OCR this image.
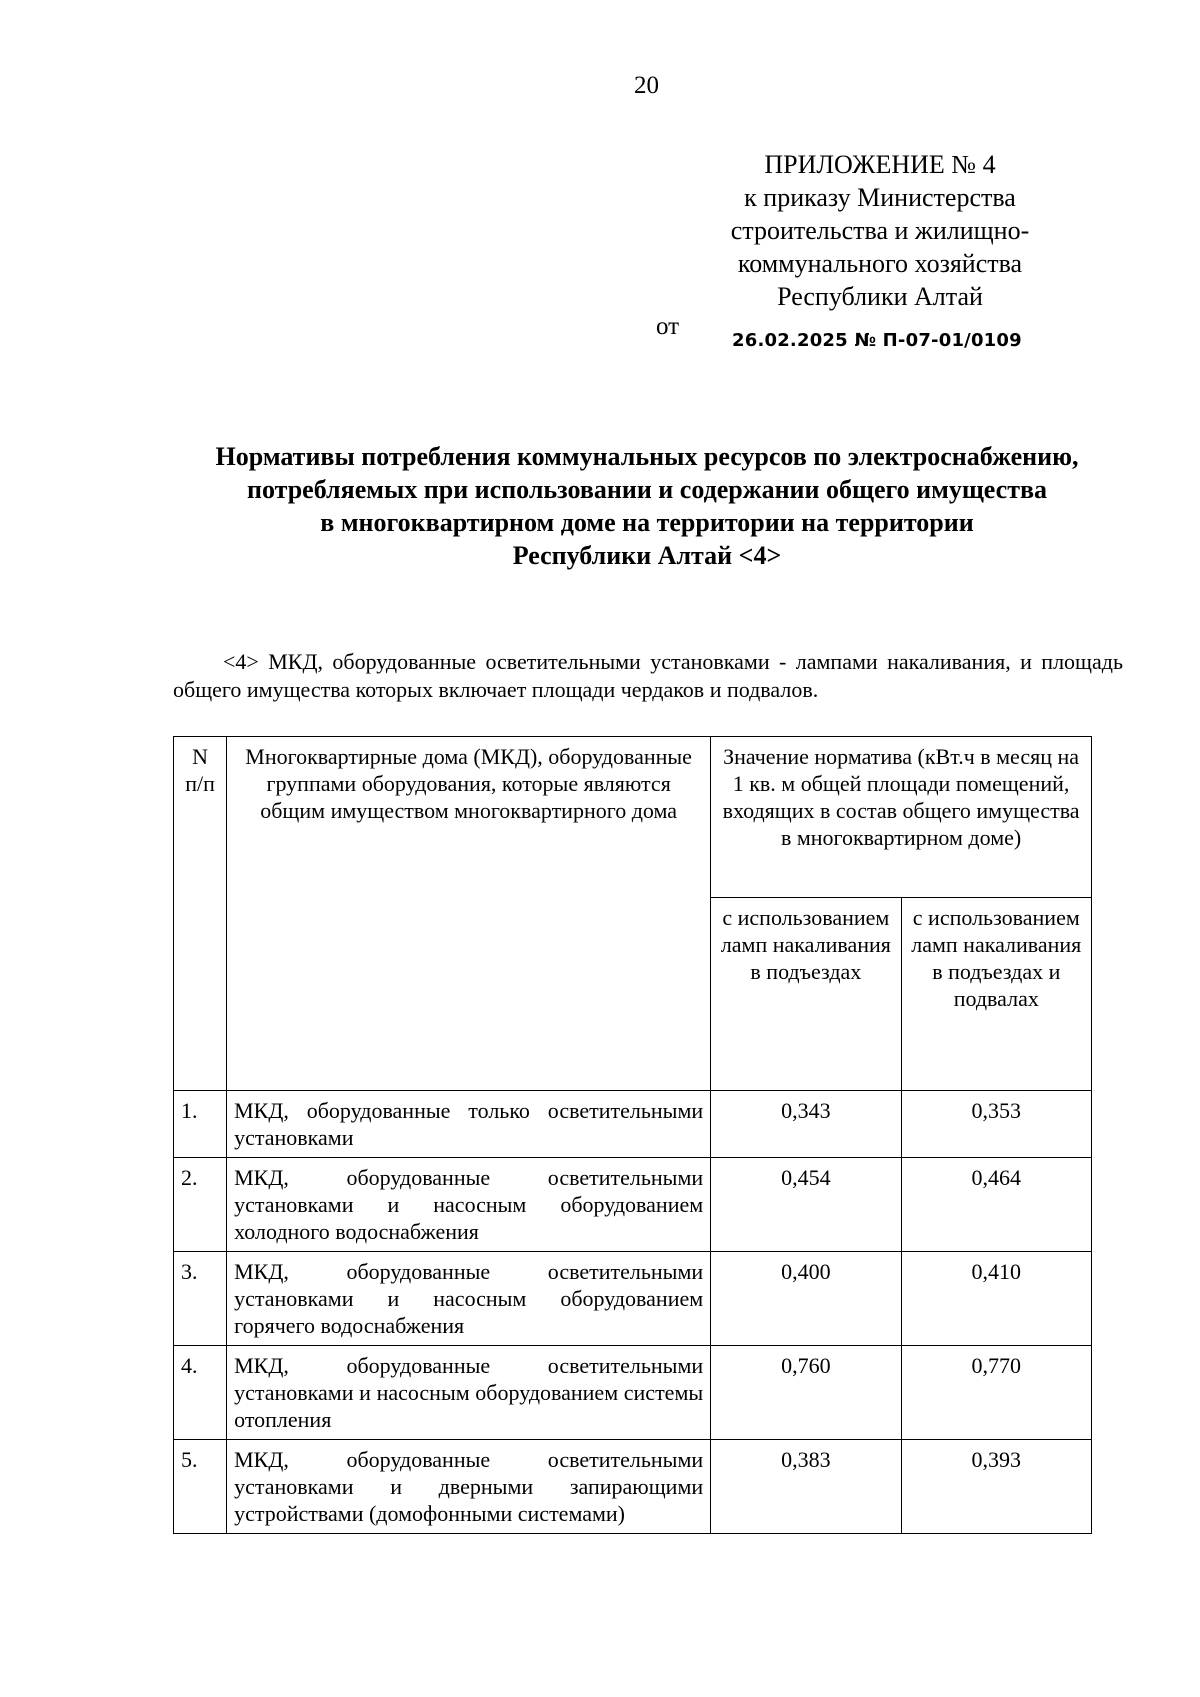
20
ПРИЛОЖЕНИЕ № 4
к приказу Министерства
строительства и жилищно-
коммунального хозяйства
Республики Алтай
от
26.02.2025 № П-07-01/0109
Нормативы потребления коммунальных ресурсов по электроснабжению,
потребляемых при использовании и содержании общего имущества
в многоквартирном доме на территории на территории
Республики Алтай <4>
<4> МКД, оборудованные осветительными установками - лампами накаливания, и площадь общего имущества которых включает площади чердаков и подвалов.
N п/п	Многоквартирные дома (МКД), оборудованные группами оборудования, которые являются общим имуществом многоквартирного дома	Значение норматива (кВт.ч в месяц на 1 кв. м общей площади помещений, входящих в состав общего имущества в многоквартирном доме)	
		с использованием ламп накаливания в подъездах	с использованием ламп накаливания в подъездах и подвалах
1.	МКД, оборудованные только осветительными установками	0,343	0,353
2.	МКД, оборудованные осветительными установками и насосным оборудованием холодного водоснабжения	0,454	0,464
3.	МКД, оборудованные осветительными установками и насосным оборудованием горячего водоснабжения	0,400	0,410
4.	МКД, оборудованные осветительными установками и насосным оборудованием системы отопления	0,760	0,770
5.	МКД, оборудованные осветительными установками и дверными запирающими устройствами (домофонными системами)	0,383	0,393
